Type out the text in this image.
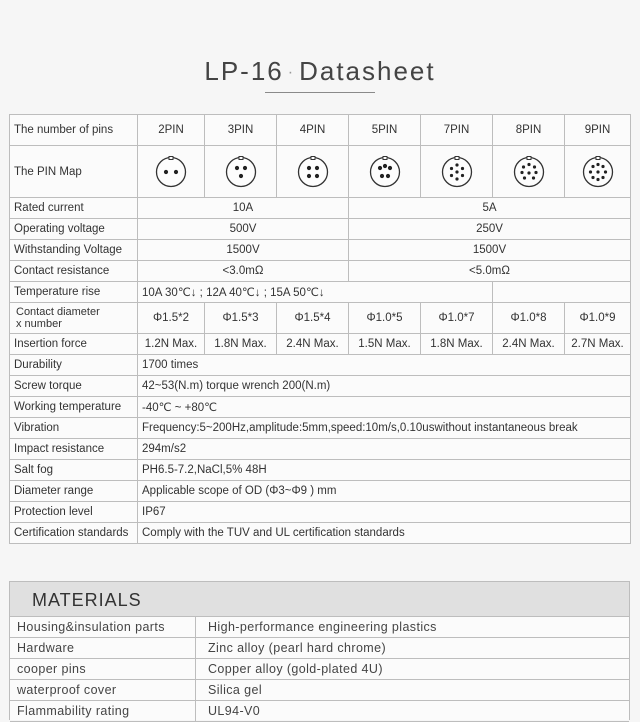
LP-16 · Datasheet
The number of pins	2PIN	3PIN	4PIN	5PIN	7PIN	8PIN	9PIN
The PIN Map	

Rated current	10A			5A			
Operating voltage	500V			250V			
Withstanding Voltage	1500V			1500V			
Contact resistance	<3.0mΩ			<5.0mΩ			
Temperature rise	10A 30℃↓ ; 12A 40℃↓ ; 15A 50℃↓						

Contact diameter
x number	Φ1.5*2	Φ1.5*3	Φ1.5*4	Φ1.0*5	Φ1.0*7	Φ1.0*8	Φ1.0*9
Insertion force	1.2N Max.	1.8N Max.	2.4N Max.	1.5N Max.	1.8N Max.	2.4N Max.	2.7N Max.
Durability	1700 times						
Screw torque	42~53(N.m) torque wrench 200(N.m)						
Working temperature	-40℃ ~ +80℃						
Vibration	Frequency:5~200Hz,amplitude:5mm,speed:10m/s,0.10uswithout instantaneous break						
Impact resistance	294m/s2						
Salt fog	PH6.5-7.2,NaCl,5% 48H						
Diameter range	Applicable scope of OD (Φ3~Φ9 ) mm						
Protection level	IP67						
Certification standards	Comply with the TUV and UL certification standards						
MATERIALS
Housing&insulation parts	High-performance engineering plastics
Hardware	Zinc alloy (pearl hard chrome)
cooper pins	Copper alloy (gold-plated 4U)
waterproof cover	Silica gel
Flammability rating	UL94-V0
